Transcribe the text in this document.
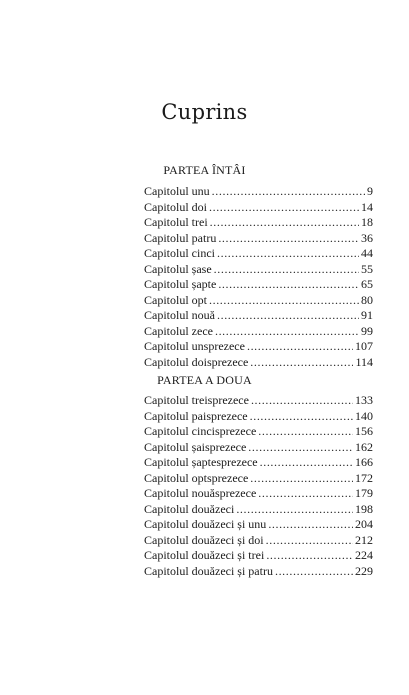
Cuprins
PARTEA ÎNTÂI
Capitolul unu .....	9
Capitolul doi .....	14
Capitolul trei .....	18
Capitolul patru .....	36
Capitolul cinci .....	44
Capitolul șase .....	55
Capitolul șapte .....	65
Capitolul opt .....	80
Capitolul nouă .....	91
Capitolul zece .....	99
Capitolul unsprezece .....	107
Capitolul doisprezece .....	114
PARTEA A DOUA
Capitolul treisprezece .....	133
Capitolul paisprezece .....	140
Capitolul cincisprezece .....	156
Capitolul șaisprezece .....	162
Capitolul șaptesprezece .....	166
Capitolul optsprezece .....	172
Capitolul nouăsprezece .....	179
Capitolul douăzeci .....	198
Capitolul douăzeci și unu .....	204
Capitolul douăzeci și doi .....	212
Capitolul douăzeci și trei .....	224
Capitolul douăzeci și patru .....	229
